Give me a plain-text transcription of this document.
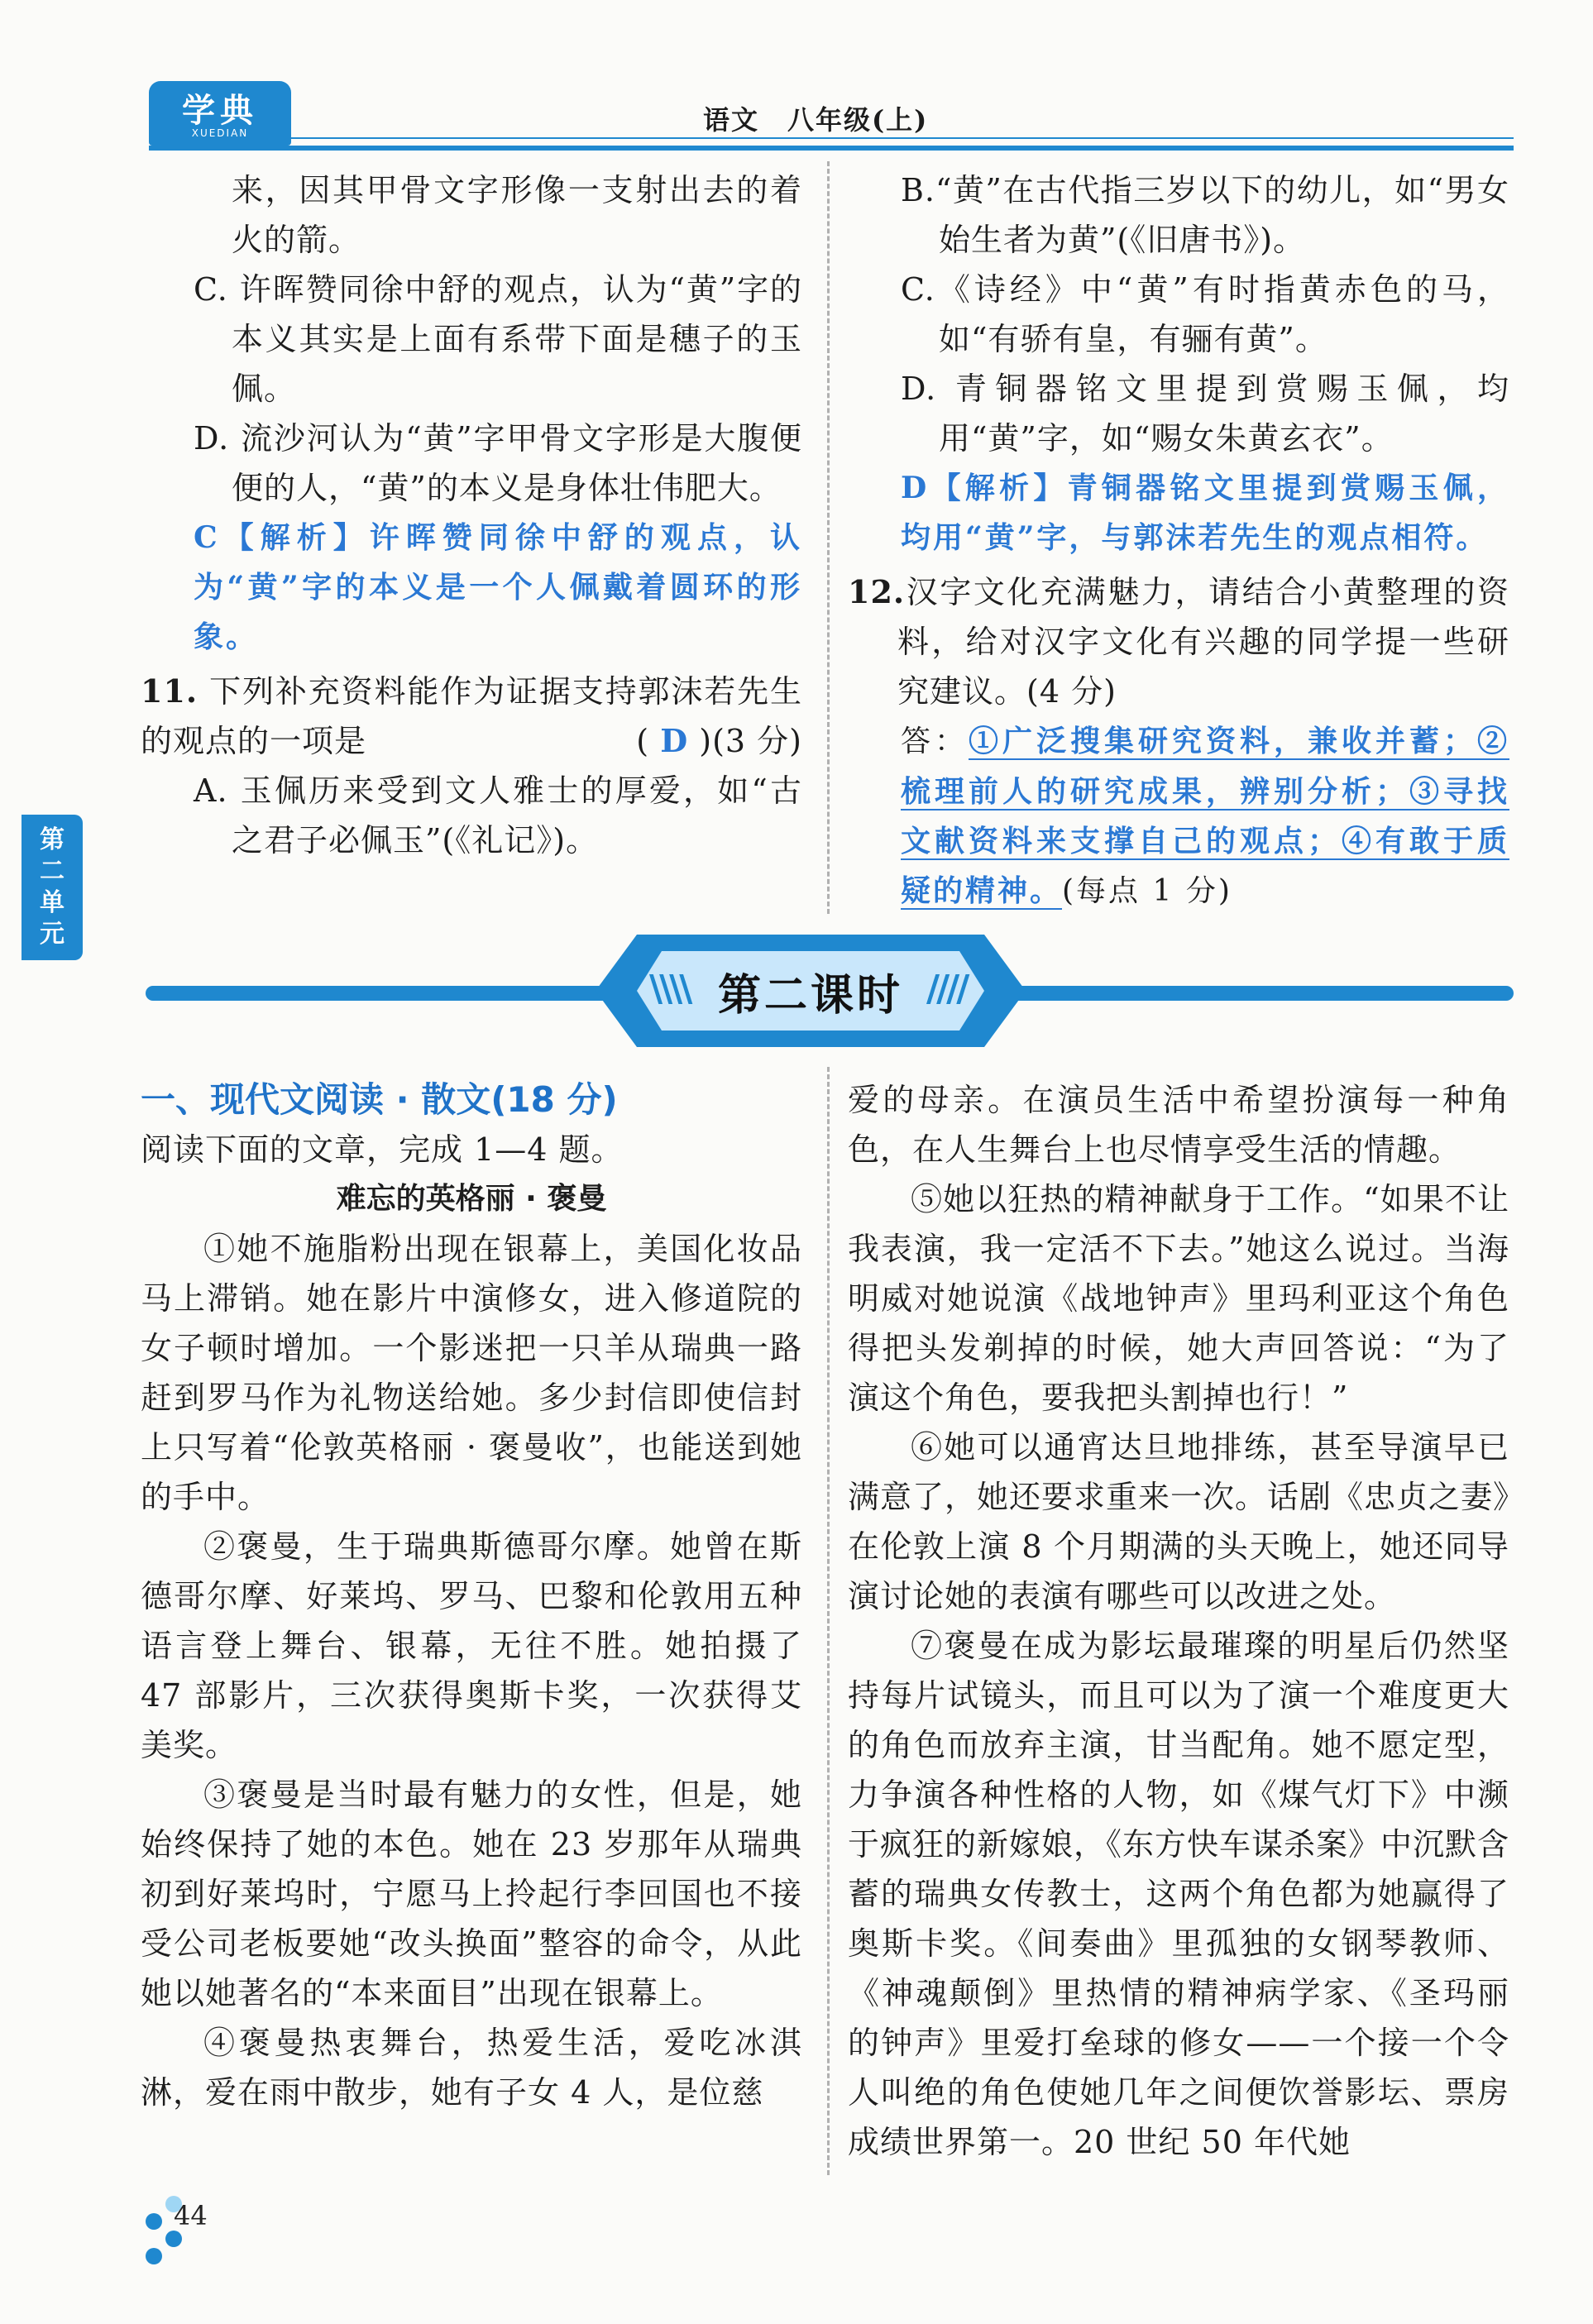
学典
XUEDIAN	语文 八年级(上)
第
二
单
元

来，因其甲骨文字形像一支射出去的着火的箭。

C. 许晖赞同徐中舒的观点，认为“黄”字的本义其实是上面有系带下面是穗子的玉佩。

D. 流沙河认为“黄”字甲骨文字形是大腹便便的人，“黄”的本义是身体壮伟肥大。

C【解析】许晖赞同徐中舒的观点，认为“黄”字的本义是一个人佩戴着圆环的形象。

11. 下列补充资料能作为证据支持郭沫若先生的观点的一项是	( D )(3 分)

A. 玉佩历来受到文人雅士的厚爱，如“古之君子必佩玉”(《礼记》)。

B.“黄”在古代指三岁以下的幼儿，如“男女始生者为黄”(《旧唐书》)。

C.《诗经》中“黄”有时指黄赤色的马，如“有骄有皇，有骊有黄”。

D. 青铜器铭文里提到赏赐玉佩，均用“黄”字，如“赐女朱黄玄衣”。

D【解析】青铜器铭文里提到赏赐玉佩，均用“黄”字，与郭沫若先生的观点相符。

12.汉字文化充满魅力，请结合小黄整理的资料，给对汉字文化有兴趣的同学提一些研究建议。(4 分)

答：①广泛搜集研究资料，兼收并蓄；②梳理前人的研究成果，辨别分析；③寻找文献资料来支撑自己的观点；④有敢于质疑的精神。(每点 1 分)

\\\\	////
第二课时

一、现代文阅读 · 散文(18 分)

阅读下面的文章，完成 1—4 题。

难忘的英格丽 · 褒曼

①她不施脂粉出现在银幕上，美国化妆品马上滞销。她在影片中演修女，进入修道院的女子顿时增加。一个影迷把一只羊从瑞典一路赶到罗马作为礼物送给她。多少封信即使信封上只写着“伦敦英格丽 · 褒曼收”，也能送到她的手中。

②褒曼，生于瑞典斯德哥尔摩。她曾在斯德哥尔摩、好莱坞、罗马、巴黎和伦敦用五种语言登上舞台、银幕，无往不胜。她拍摄了 47 部影片，三次获得奥斯卡奖，一次获得艾美奖。

③褒曼是当时最有魅力的女性，但是，她始终保持了她的本色。她在 23 岁那年从瑞典初到好莱坞时，宁愿马上拎起行李回国也不接受公司老板要她“改头换面”整容的命令，从此她以她著名的“本来面目”出现在银幕上。

④褒曼热衷舞台，热爱生活，爱吃冰淇淋，爱在雨中散步，她有子女 4 人，是位慈

爱的母亲。在演员生活中希望扮演每一种角色，在人生舞台上也尽情享受生活的情趣。

⑤她以狂热的精神献身于工作。“如果不让我表演，我一定活不下去。”她这么说过。当海明威对她说演《战地钟声》里玛利亚这个角色得把头发剃掉的时候，她大声回答说：“为了演这个角色，要我把头割掉也行！”

⑥她可以通宵达旦地排练，甚至导演早已满意了，她还要求重来一次。话剧《忠贞之妻》在伦敦上演 8 个月期满的头天晚上，她还同导演讨论她的表演有哪些可以改进之处。

⑦褒曼在成为影坛最璀璨的明星后仍然坚持每片试镜头，而且可以为了演一个难度更大的角色而放弃主演，甘当配角。她不愿定型，力争演各种性格的人物，如《煤气灯下》中濒于疯狂的新嫁娘，《东方快车谋杀案》中沉默含蓄的瑞典女传教士，这两个角色都为她赢得了奥斯卡奖。《间奏曲》里孤独的女钢琴教师、《神魂颠倒》里热情的精神病学家、《圣玛丽的钟声》里爱打垒球的修女——一个接一个令人叫绝的角色使她几年之间便饮誉影坛、票房成绩世界第一。20 世纪 50 年代她

44
